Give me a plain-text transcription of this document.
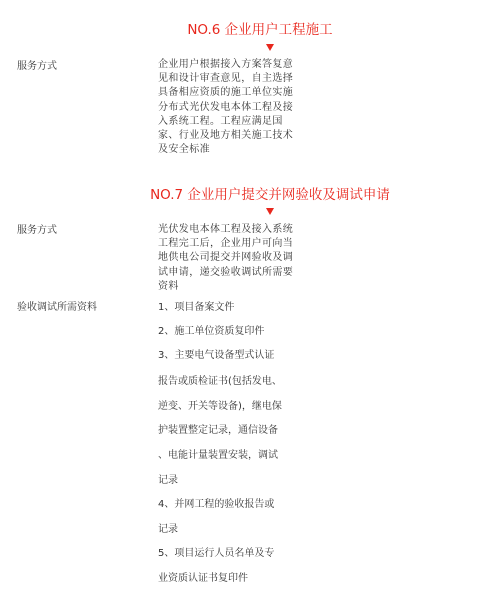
NO.6 企业用户工程施工
服务方式	企业用户根据接入方案答复意见和设计审查意见，自主选择具备相应资质的施工单位实施分布式光伏发电本体工程及接入系统工程。工程应满足国家、行业及地方相关施工技术及安全标准
NO.7 企业用户提交并网验收及调试申请
服务方式	光伏发电本体工程及接入系统工程完工后，企业用户可向当地供电公司提交并网验收及调试申请，递交验收调试所需要资料
验收调试所需资料	1、项目备案文件
2、施工单位资质复印件
3、主要电气设备型式认证
报告或质检证书(包括发电、
逆变、开关等设备)，继电保
护装置整定记录，通信设备
、电能计量装置安装，调试
记录
4、并网工程的验收报告或
记录
5、项目运行人员名单及专
业资质认证书复印件
